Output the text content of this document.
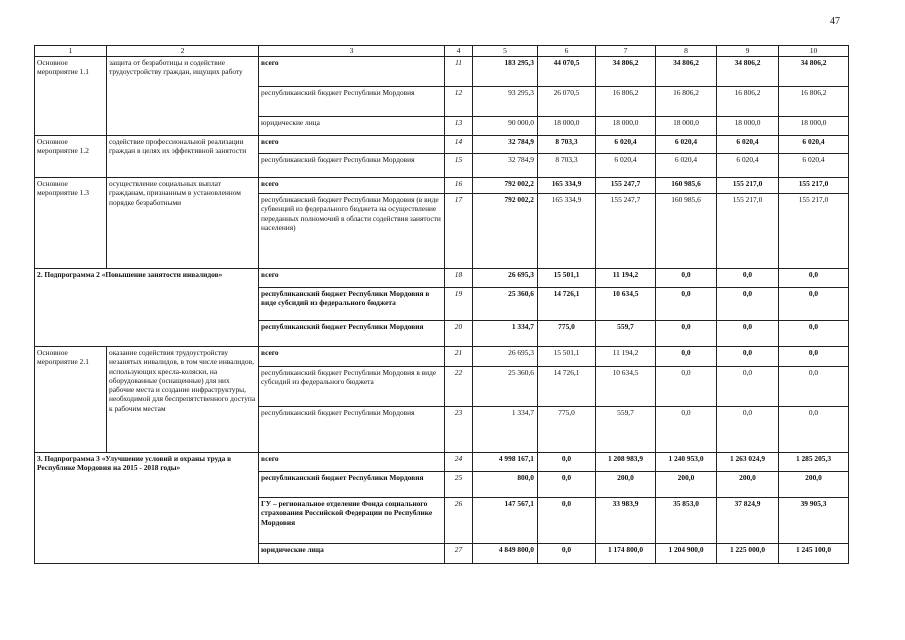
47
1	2	3	4	5	6	7	8	9	10
Основное мероприятие 1.1	защита от безработицы и содействие трудоустройству граждан, ищущих работу	всего	11	183 295,3	44 070,5	34 806,2	34 806,2	34 806,2	34 806,2
		республиканский бюджет Республики Мордовия	12	93 295,3	26 070,5	16 806,2	16 806,2	16 806,2	16 806,2
		юридические лица	13	90 000,0	18 000,0	18 000,0	18 000,0	18 000,0	18 000,0
Основное мероприятие 1.2	содействие профессиональной реализации граждан в целях их эффективной занятости	всего	14	32 784,9	8 703,3	6 020,4	6 020,4	6 020,4	6 020,4
		республиканский бюджет Республики Мордовия	15	32 784,9	8 703,3	6 020,4	6 020,4	6 020,4	6 020,4
Основное мероприятие 1.3	осуществление социальных выплат гражданам, признанным в установленном порядке безработными	всего	16	792 002,2	165 334,9	155 247,7	160 985,6	155 217,0	155 217,0
		республиканский бюджет Республики Мордовия (в виде субвенций из федерального бюджета на осуществление переданных полномочий в области содействия занятости населения)	17	792 002,2	165 334,9	155 247,7	160 985,6	155 217,0	155 217,0
2. Подпрограмма 2 «Повышение занятости инвалидов»		всего	18	26 695,3	15 501,1	11 194,2	0,0	0,0	0,0
		республиканский бюджет Республики Мордовия в виде субсидий из федерального бюджета	19	25 360,6	14 726,1	10 634,5	0,0	0,0	0,0
		республиканский бюджет Республики Мордовия	20	1 334,7	775,0	559,7	0,0	0,0	0,0
Основное мероприятие 2.1	оказание содействия трудоустройству незанятых инвалидов, в том числе инвалидов, использующих кресла-коляски, на оборудованные (оснащенные) для них рабочие места и создание инфраструктуры, необходимой для беспрепятственного доступа к рабочим местам	всего	21	26 695,3	15 501,1	11 194,2	0,0	0,0	0,0
		республиканский бюджет Республики Мордовия в виде субсидий из федерального бюджета	22	25 360,6	14 726,1	10 634,5	0,0	0,0	0,0
		республиканский бюджет Республики Мордовия	23	1 334,7	775,0	559,7	0,0	0,0	0,0
3. Подпрограмма 3 «Улучшение условий и охраны труда в Республике Мордовия на 2015 - 2018 годы»		всего	24	4 998 167,1	0,0	1 208 983,9	1 240 953,0	1 263 024,9	1 285 205,3
		республиканский бюджет Республики Мордовия	25	800,0	0,0	200,0	200,0	200,0	200,0
		ГУ – региональное отделение Фонда социального страхования Российской Федерации по Республике Мордовия	26	147 567,1	0,0	33 983,9	35 853,0	37 824,9	39 905,3
		юридические лица	27	4 849 800,0	0,0	1 174 800,0	1 204 900,0	1 225 000,0	1 245 100,0
